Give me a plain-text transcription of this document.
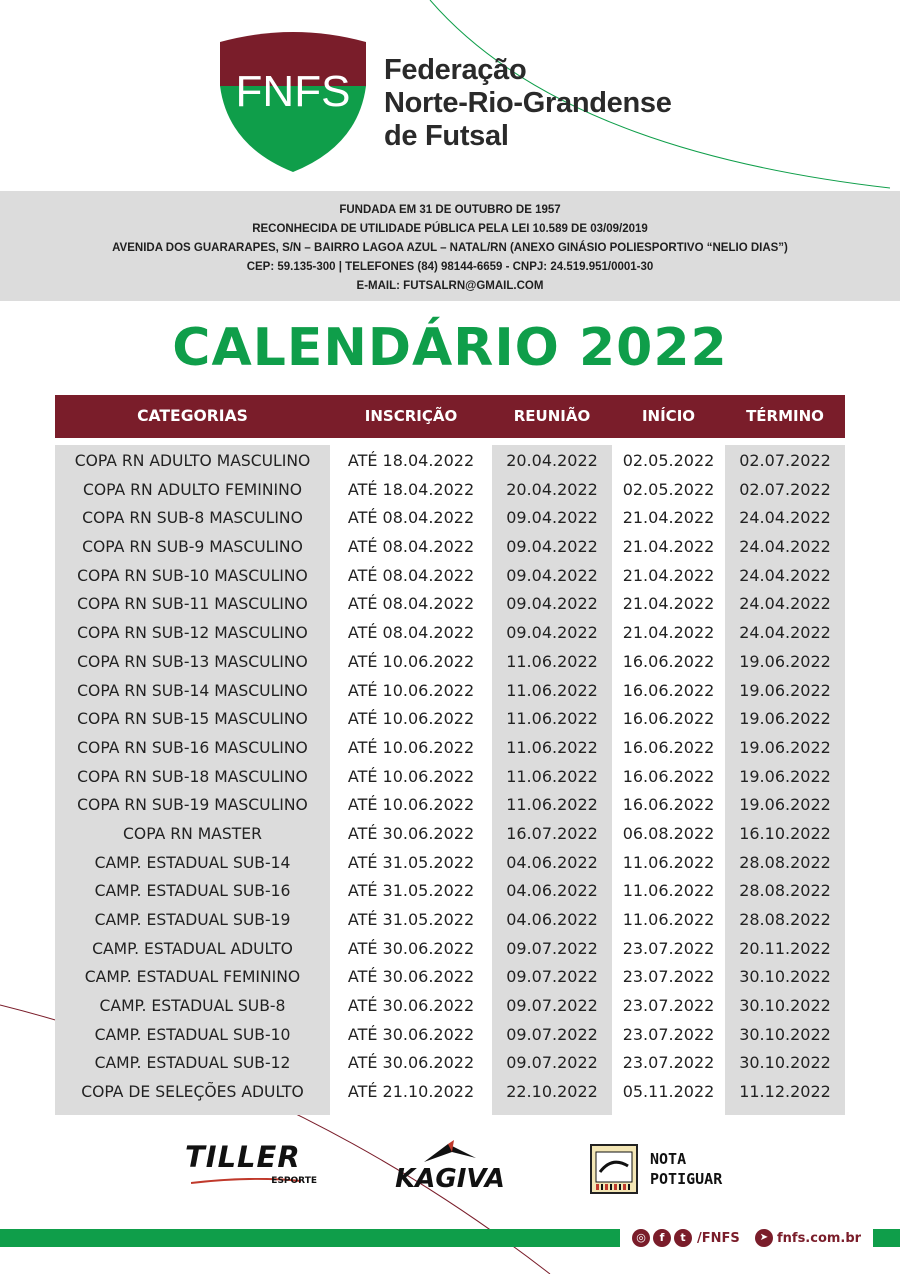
FNFS Federação
Norte-Rio-Grandense
de Futsal
FUNDADA EM 31 DE OUTUBRO DE 1957
RECONHECIDA DE UTILIDADE PÚBLICA PELA LEI 10.589 DE 03/09/2019
AVENIDA DOS GUARARAPES, S/N – BAIRRO LAGOA AZUL – NATAL/RN (ANEXO GINÁSIO POLIESPORTIVO “NELIO DIAS”)
CEP: 59.135-300 | TELEFONES (84) 98144-6659 - CNPJ: 24.519.951/0001-30
E-MAIL: FUTSALRN@GMAIL.COM
CALENDÁRIO 2022
CATEGORIAS	INSCRIÇÃO	REUNIÃO	INÍCIO	TÉRMINO
COPA RN ADULTO MASCULINO	ATÉ 18.04.2022	20.04.2022	02.05.2022	02.07.2022
COPA RN ADULTO FEMININO	ATÉ 18.04.2022	20.04.2022	02.05.2022	02.07.2022
COPA RN SUB-8 MASCULINO	ATÉ 08.04.2022	09.04.2022	21.04.2022	24.04.2022
COPA RN SUB-9 MASCULINO	ATÉ 08.04.2022	09.04.2022	21.04.2022	24.04.2022
COPA RN SUB-10 MASCULINO	ATÉ 08.04.2022	09.04.2022	21.04.2022	24.04.2022
COPA RN SUB-11 MASCULINO	ATÉ 08.04.2022	09.04.2022	21.04.2022	24.04.2022
COPA RN SUB-12 MASCULINO	ATÉ 08.04.2022	09.04.2022	21.04.2022	24.04.2022
COPA RN SUB-13 MASCULINO	ATÉ 10.06.2022	11.06.2022	16.06.2022	19.06.2022
COPA RN SUB-14 MASCULINO	ATÉ 10.06.2022	11.06.2022	16.06.2022	19.06.2022
COPA RN SUB-15 MASCULINO	ATÉ 10.06.2022	11.06.2022	16.06.2022	19.06.2022
COPA RN SUB-16 MASCULINO	ATÉ 10.06.2022	11.06.2022	16.06.2022	19.06.2022
COPA RN SUB-18 MASCULINO	ATÉ 10.06.2022	11.06.2022	16.06.2022	19.06.2022
COPA RN SUB-19 MASCULINO	ATÉ 10.06.2022	11.06.2022	16.06.2022	19.06.2022
COPA RN MASTER	ATÉ 30.06.2022	16.07.2022	06.08.2022	16.10.2022
CAMP. ESTADUAL SUB-14	ATÉ 31.05.2022	04.06.2022	11.06.2022	28.08.2022
CAMP. ESTADUAL SUB-16	ATÉ 31.05.2022	04.06.2022	11.06.2022	28.08.2022
CAMP. ESTADUAL SUB-19	ATÉ 31.05.2022	04.06.2022	11.06.2022	28.08.2022
CAMP. ESTADUAL ADULTO	ATÉ 30.06.2022	09.07.2022	23.07.2022	20.11.2022
CAMP. ESTADUAL FEMININO	ATÉ 30.06.2022	09.07.2022	23.07.2022	30.10.2022
CAMP. ESTADUAL SUB-8	ATÉ 30.06.2022	09.07.2022	23.07.2022	30.10.2022
CAMP. ESTADUAL SUB-10	ATÉ 30.06.2022	09.07.2022	23.07.2022	30.10.2022
CAMP. ESTADUAL SUB-12	ATÉ 30.06.2022	09.07.2022	23.07.2022	30.10.2022
COPA DE SELEÇÕES ADULTO	ATÉ 21.10.2022	22.10.2022	05.11.2022	11.12.2022
TILLER
ESPORTE	KAGIVA
NOTA
POTIGUAR
◎	f	t /FNFS	➤ fnfs.com.br
